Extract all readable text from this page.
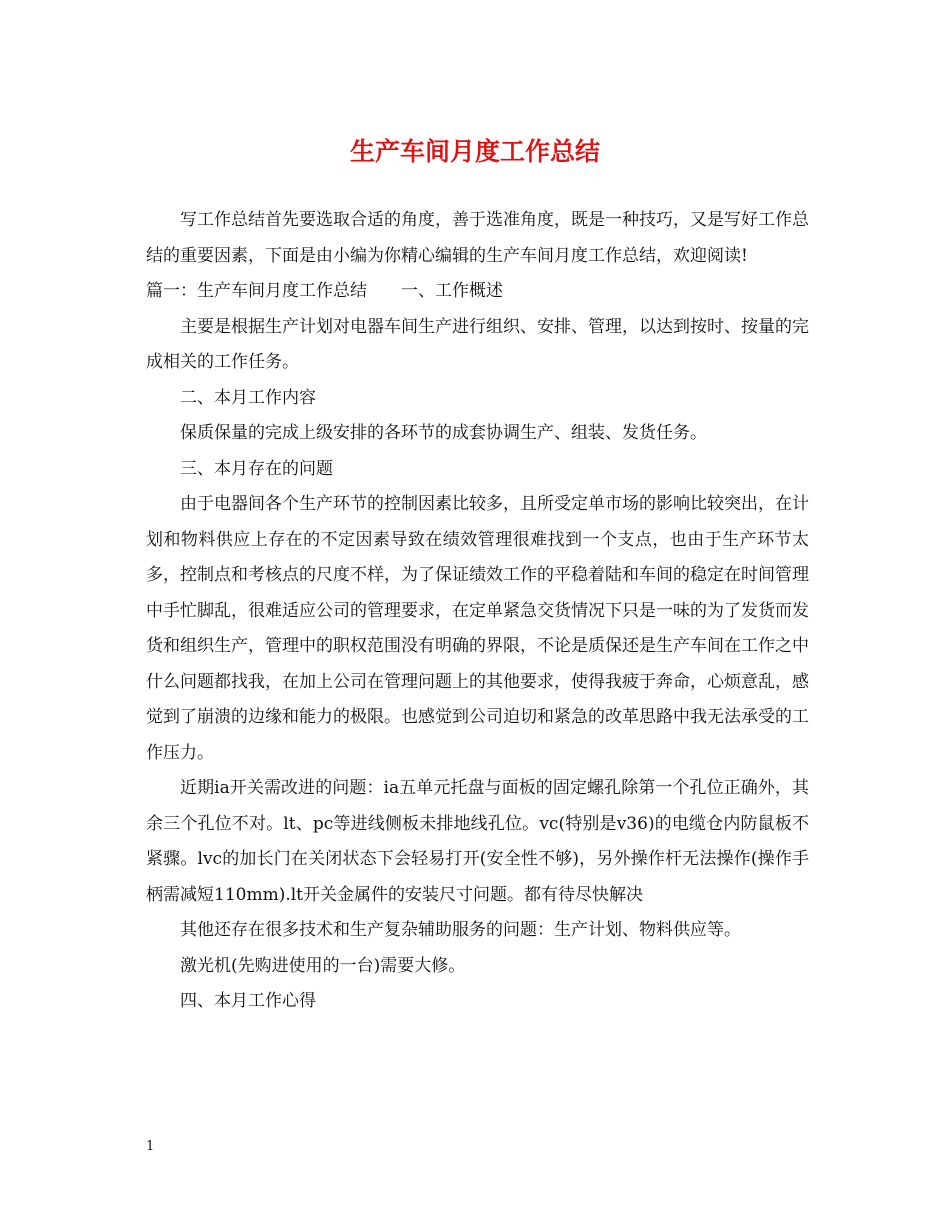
生产车间月度工作总结

写工作总结首先要选取合适的角度，善于选准角度，既是一种技巧，又是写好工作总结的重要因素，下面是由小编为你精心编辑的生产车间月度工作总结，欢迎阅读!

篇一：生产车间月度工作总结　　一、工作概述

主要是根据生产计划对电器车间生产进行组织、安排、管理，以达到按时、按量的完成相关的工作任务。

二、本月工作内容

保质保量的完成上级安排的各环节的成套协调生产、组装、发货任务。

三、本月存在的问题

由于电器间各个生产环节的控制因素比较多，且所受定单市场的影响比较突出，在计划和物料供应上存在的不定因素导致在绩效管理很难找到一个支点，也由于生产环节太多，控制点和考核点的尺度不样，为了保证绩效工作的平稳着陆和车间的稳定在时间管理中手忙脚乱，很难适应公司的管理要求，在定单紧急交货情况下只是一味的为了发货而发货和组织生产，管理中的职权范围没有明确的界限，不论是质保还是生产车间在工作之中什么问题都找我，在加上公司在管理问题上的其他要求，使得我疲于奔命，心烦意乱，感觉到了崩溃的边缘和能力的极限。也感觉到公司迫切和紧急的改革思路中我无法承受的工作压力。

近期ia开关需改进的问题：ia五单元托盘与面板的固定螺孔除第一个孔位正确外，其余三个孔位不对。lt、pc等进线侧板未排地线孔位。vc(特别是v36)的电缆仓内防鼠板不紧骤。lvc的加长门在关闭状态下会轻易打开(安全性不够)，另外操作杆无法操作(操作手柄需减短110mm).lt开关金属件的安装尺寸问题。都有待尽快解决

其他还存在很多技术和生产复杂辅助服务的问题：生产计划、物料供应等。

激光机(先购进使用的一台)需要大修。

四、本月工作心得

1
